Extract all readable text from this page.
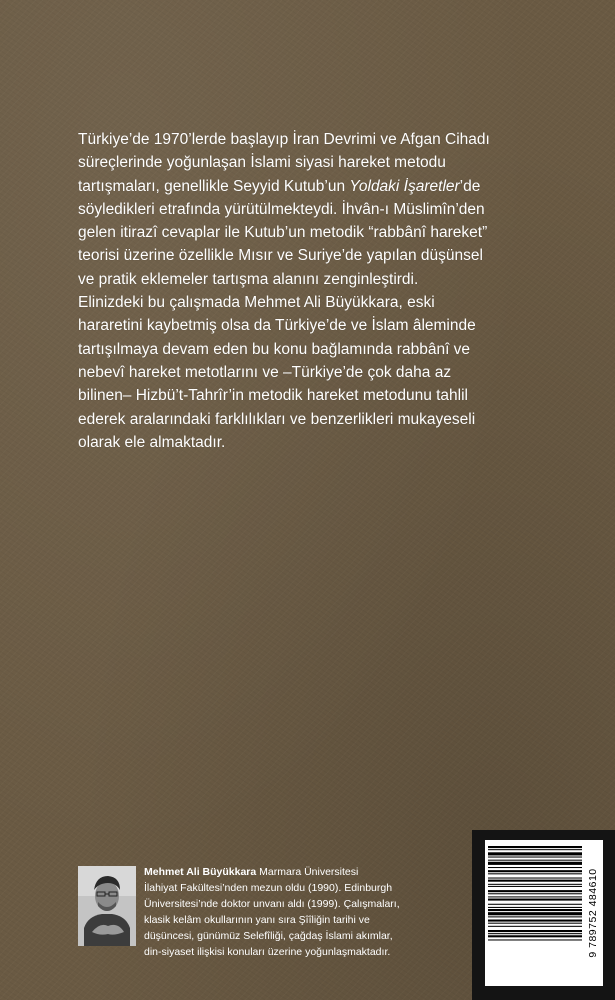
Türkiye’de 1970’lerde başlayıp İran Devrimi ve Afgan Cihadı
süreçlerinde yoğunlaşan İslami siyasi hareket metodu
tartışmaları, genellikle Seyyid Kutub’un Yoldaki İşaretler’de
söyledikleri etrafında yürütülmekteydi. İhvân-ı Müslimîn’den
gelen itirazî cevaplar ile Kutub’un metodik “rabbânî hareket”
teorisi üzerine özellikle Mısır ve Suriye’de yapılan düşünsel
ve pratik eklemeler tartışma alanını zenginleştirdi.
Elinizdeki bu çalışmada Mehmet Ali Büyükkara, eski
hararetini kaybetmiş olsa da Türkiye’de ve İslam âleminde
tartışılmaya devam eden bu konu bağlamında rabbânî ve
nebevî hareket metotlarını ve –Türkiye’de çok daha az
bilinen– Hizbü’t-Tahrîr’in metodik hareket metodunu tahlil
ederek aralarındaki farklılıkları ve benzerlikleri mukayeseli
olarak ele almaktadır.
Mehmet Ali Büyükkara Marmara Üniversitesi
İlahiyat Fakültesi’nden mezun oldu (1990). Edinburgh
Üniversitesi’nde doktor unvanı aldı (1999). Çalışmaları,
klasik kelâm okullarının yanı sıra Şîîliğin tarihi ve
düşüncesi, günümüz Selefîliği, çağdaş İslami akımlar,
din-siyaset ilişkisi konuları üzerine yoğunlaşmaktadır.	9 789752 484610
